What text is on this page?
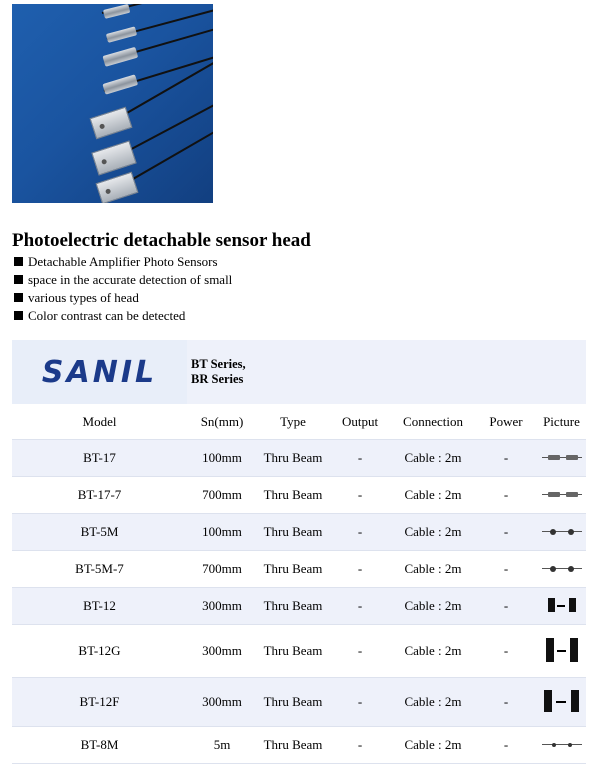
Photoelectric detachable sensor head
Detachable Amplifier Photo Sensors
space in the accurate detection of small
various types of head
Color contrast can be detected
SANIL	BT Series,
BR Series
Model	Sn(mm)	Type	Output	Connection	Power	Picture
BT-17	100mm	Thru Beam	-	Cable : 2m	-
BT-17-7	700mm	Thru Beam	-	Cable : 2m	-
BT-5M	100mm	Thru Beam	-	Cable : 2m	-
BT-5M-7	700mm	Thru Beam	-	Cable : 2m	-
BT-12	300mm	Thru Beam	-	Cable : 2m	-
BT-12G	300mm	Thru Beam	-	Cable : 2m	-
BT-12F	300mm	Thru Beam	-	Cable : 2m	-
BT-8M	5m	Thru Beam	-	Cable : 2m	-
